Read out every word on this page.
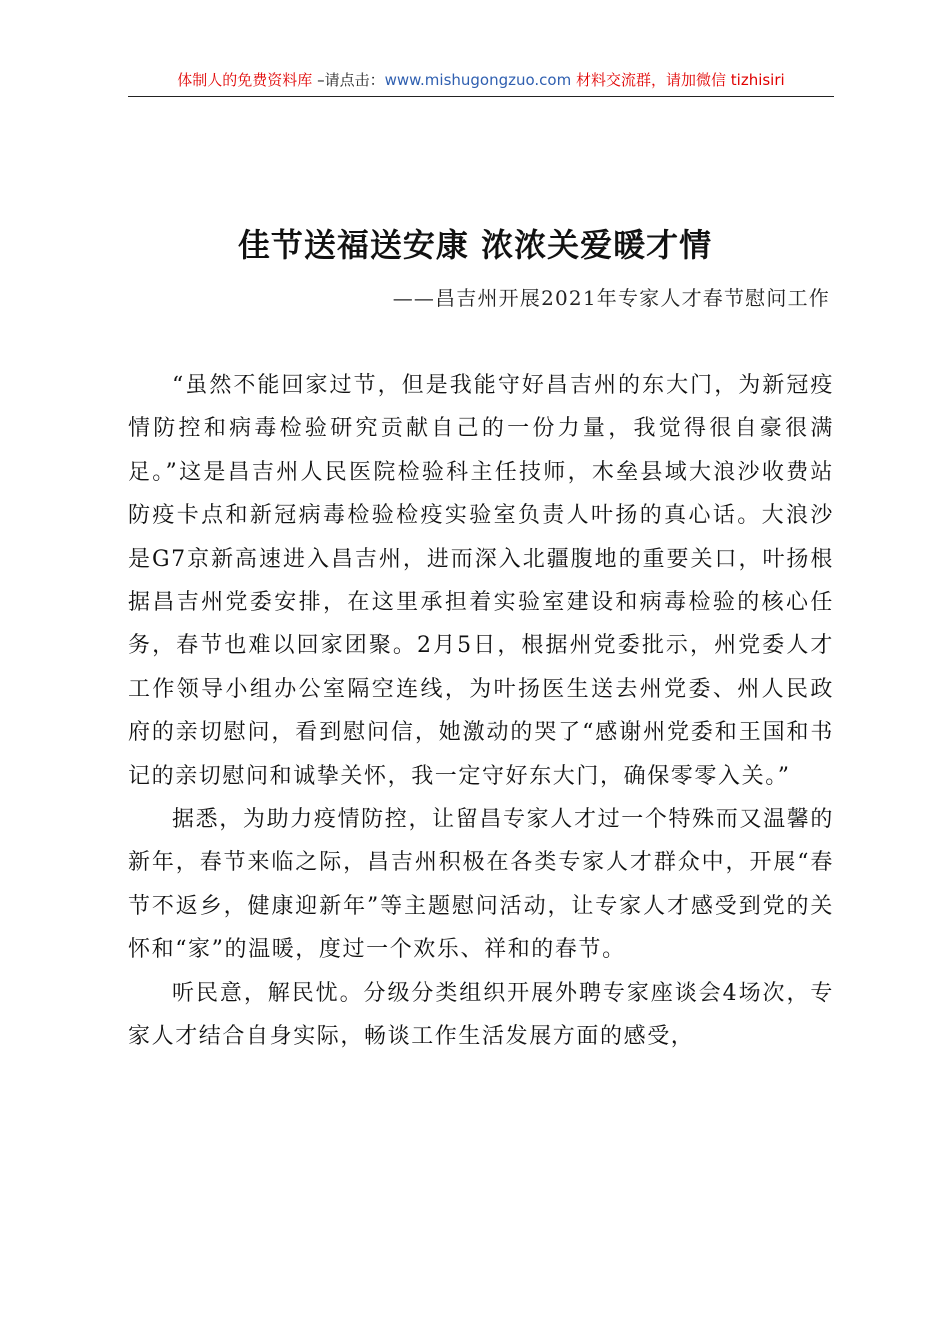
体制人的免费资料库 –请点击：www.mishugongzuo.com 材料交流群，请加微信 tizhisiri
佳节送福送安康 浓浓关爱暖才情
——昌吉州开展2021年专家人才春节慰问工作

“虽然不能回家过节，但是我能守好昌吉州的东大门，为新冠疫情防控和病毒检验研究贡献自己的一份力量，我觉得很自豪很满足。”这是昌吉州人民医院检验科主任技师，木垒县域大浪沙收费站防疫卡点和新冠病毒检验检疫实验室负责人叶扬的真心话。大浪沙是G7京新高速进入昌吉州，进而深入北疆腹地的重要关口，叶扬根据昌吉州党委安排，在这里承担着实验室建设和病毒检验的核心任务，春节也难以回家团聚。2月5日，根据州党委批示，州党委人才工作领导小组办公室隔空连线，为叶扬医生送去州党委、州人民政府的亲切慰问，看到慰问信，她激动的哭了“感谢州党委和王国和书记的亲切慰问和诚挚关怀，我一定守好东大门，确保零零入关。”

据悉，为助力疫情防控，让留昌专家人才过一个特殊而又温馨的新年，春节来临之际，昌吉州积极在各类专家人才群众中，开展“春节不返乡，健康迎新年”等主题慰问活动，让专家人才感受到党的关怀和“家”的温暖，度过一个欢乐、祥和的春节。

听民意，解民忧。分级分类组织开展外聘专家座谈会4场次，专家人才结合自身实际，畅谈工作生活发展方面的感受，
